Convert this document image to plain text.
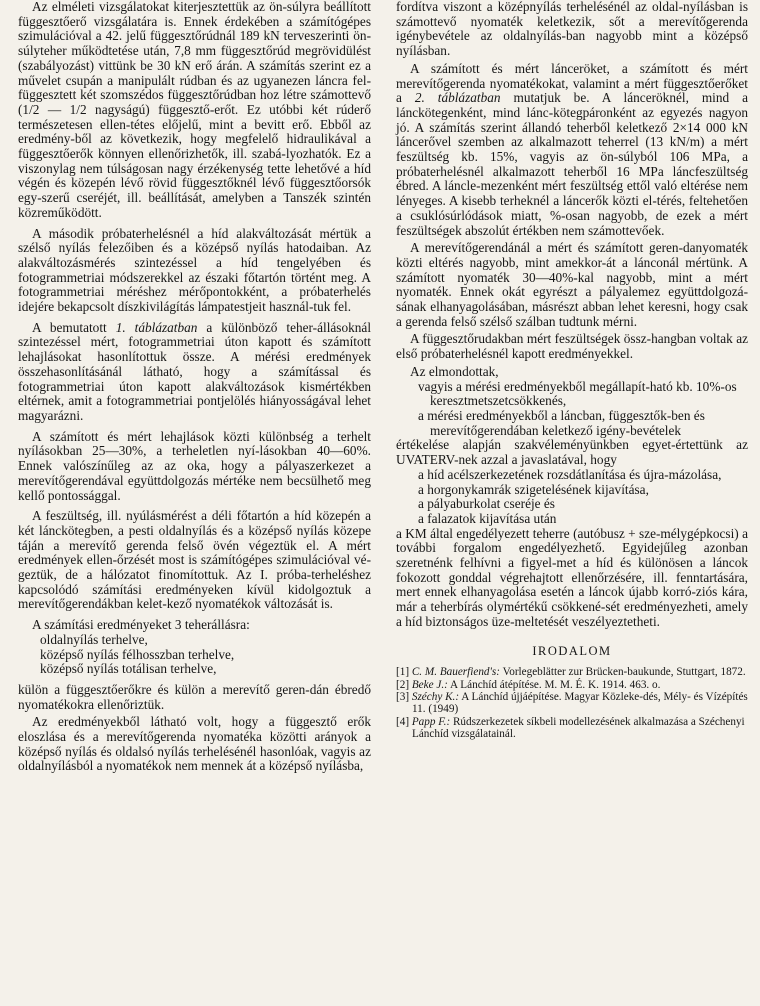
Az elméleti vizsgálatokat kiterjesztettük az ön-súlyra beállított függesztőerő vizsgálatára is. Ennek érdekében a számítógépes szimulációval a 42. jelű függesztőrúdnál 189 kN terveszerinti ön-súlyteher működtetése után, 7,8 mm függesztőrúd megrövidülést (szabályozást) vittünk be 30 kN erő árán. A számítás szerint ez a művelet csupán a manipulált rúdban és az ugyanezen láncra fel-függesztett két szomszédos függesztőrúdban hoz létre számottevő (1/2 — 1/2 nagyságú) függesztő-erőt. Ez utóbbi két rúderő természetesen ellen-tétes előjelű, mint a bevitt erő. Ebből az eredmény-ből az következik, hogy megfelelő hidraulikával a függesztőerők könnyen ellenőrizhetők, ill. szabá-lyozhatók. Ez a viszonylag nem túlságosan nagy érzékenység tette lehetővé a híd végén és közepén lévő rövid függesztőknél lévő függesztőorsók egy-szerű cseréjét, ill. beállítását, amelyben a Tanszék szintén közreműködött.

A második próbaterhelésnél a híd alakváltozását mértük a szélső nyílás felezőiben és a középső nyílás hatodaiban. Az alakváltozásmérés szintezéssel a híd tengelyében és fotogrammetriai módszerekkel az északi főtartón történt meg. A fotogrammetriai méréshez mérőpontokként, a próbaterhelés idejére bekapcsolt díszkivilágítás lámpatestjeit használ-tuk fel.

A bemutatott 1. táblázatban a különböző teher-állásoknál szintezéssel mért, fotogrammetriai úton kapott és számított lehajlásokat hasonlítottuk össze. A mérési eredmények összehasonlításánál látható, hogy a számítással és fotogrammetriai úton kapott alakváltozások kismértékben eltérnek, amit a fotogrammetriai pontjelölés hiányosságával lehet magyarázni.

A számított és mért lehajlások közti különbség a terhelt nyílásokban 25—30%, a terheletlen nyí-lásokban 40—60%. Ennek valószínűleg az az oka, hogy a pályaszerkezet a merevítőgerendával együttdolgozás mértéke nem becsülhető meg kellő pontossággal.

A feszültség, ill. nyúlásmérést a déli főtartón a híd közepén a két lánckötegben, a pesti oldalnyílás és a középső nyílás közepe táján a merevítő gerenda felső övén végeztük el. A mért eredmények ellen-őrzését most is számítógépes szimulációval vé-geztük, de a hálózatot finomítottuk. Az I. próba-terheléshez kapcsolódó számítási eredményeken kívül kidolgoztuk a merevítőgerendákban kelet-kező nyomatékok változását is.

A számítási eredményeket 3 teherállásra:

oldalnyílás terhelve,
középső nyílás félhosszban terhelve,
középső nyílás totálisan terhelve,

külön a függesztőerőkre és külön a merevítő geren-dán ébredő nyomatékokra ellenőriztük.

Az eredményekből látható volt, hogy a függesztő erők eloszlása és a merevítőgerenda nyomatéka közötti arányok a középső nyílás és oldalsó nyílás terhelésénél hasonlóak, vagyis az oldalnyílásból a nyomatékok nem mennek át a középső nyílásba,

fordítva viszont a középnyílás terhelésénél az oldal-nyílásban is számottevő nyomaték keletkezik, sőt a merevítőgerenda igénybevétele az oldalnyílás-ban nagyobb mint a középső nyílásban.

A számított és mért lánceröket, a számított és mért merevítőgerenda nyomatékokat, valamint a mért függesztőerőket a 2. táblázatban mutatjuk be. A lánceröknél, mind a lánckötegenként, mind lánc-kötegpáronként az egyezés nagyon jó. A számítás szerint állandó teherből keletkező 2×14 000 kN láncerővel szemben az alkalmazott teherrel (13 kN/m) a mért feszültség kb. 15%, vagyis az ön-súlyból 106 MPa, a próbaterhelésnél alkalmazott teherből 16 MPa láncfeszültség ébred. A láncle-mezenként mért feszültség ettől való eltérése nem lényeges. A kisebb terheknél a láncerők közti el-térés, feltehetően a csuklósúrlódások miatt, %-osan nagyobb, de ezek a mért feszültségek abszolút értékben nem számottevőek.

A merevítőgerendánál a mért és számított geren-danyomaték közti eltérés nagyobb, mint amekkor-át a lánconál mértünk. A számított nyomaték 30—40%-kal nagyobb, mint a mért nyomaték. Ennek okát egyrészt a pályalemez együttdolgozá-sának elhanyagolásában, másrészt abban lehet keresni, hogy csak a gerenda felső szélső szálban tudtunk mérni.

A függesztőrudakban mért feszültségek össz-hangban voltak az első próbaterhelésnél kapott eredményekkel.

Az elmondottak,

vagyis a mérési eredményekből megállapít-ható kb. 10%-os keresztmetszetcsökkenés,

a mérési eredményekből a láncban, függesztők-ben és merevítőgerendában keletkező igény-bevételek

értékelése alapján szakvéleményünkben egyet-értettünk az UVATERV-nek azzal a javaslatával, hogy

a híd acélszerkezetének rozsdátlanítása és újra-mázolása,
a horgonykamrák szigetelésének kijavítása,
a pályaburkolat cseréje és
a falazatok kijavítása után

a KM által engedélyezett teherre (autóbusz + sze-mélygépkocsi) a további forgalom engedélyezhető. Egyidejűleg azonban szeretnénk felhívni a figyel-met a híd és különösen a láncok fokozott gonddal végrehajtott ellenőrzésére, ill. fenntartására, mert ennek elhanyagolása esetén a láncok újabb korró-ziós kára, már a teherbírás olymértékű csökkené-sét eredményezheti, amely a híd biztonságos üze-meltetését veszélyeztetheti.

IRODALOM

[1] C. M. Bauerfiend's: Vorlegeblätter zur Brücken-baukunde, Stuttgart, 1872.

[2] Beke J.: A Lánchíd átépítése. M. M. É. K. 1914. 463. o.

[3] Széchy K.: A Lánchíd újjáépítése. Magyar Közleke-dés, Mély- és Vízépítés 11. (1949)

[4] Papp F.: Rúdszerkezetek síkbeli modellezésének alkalmazása a Széchenyi Lánchíd vizsgálatainál.
